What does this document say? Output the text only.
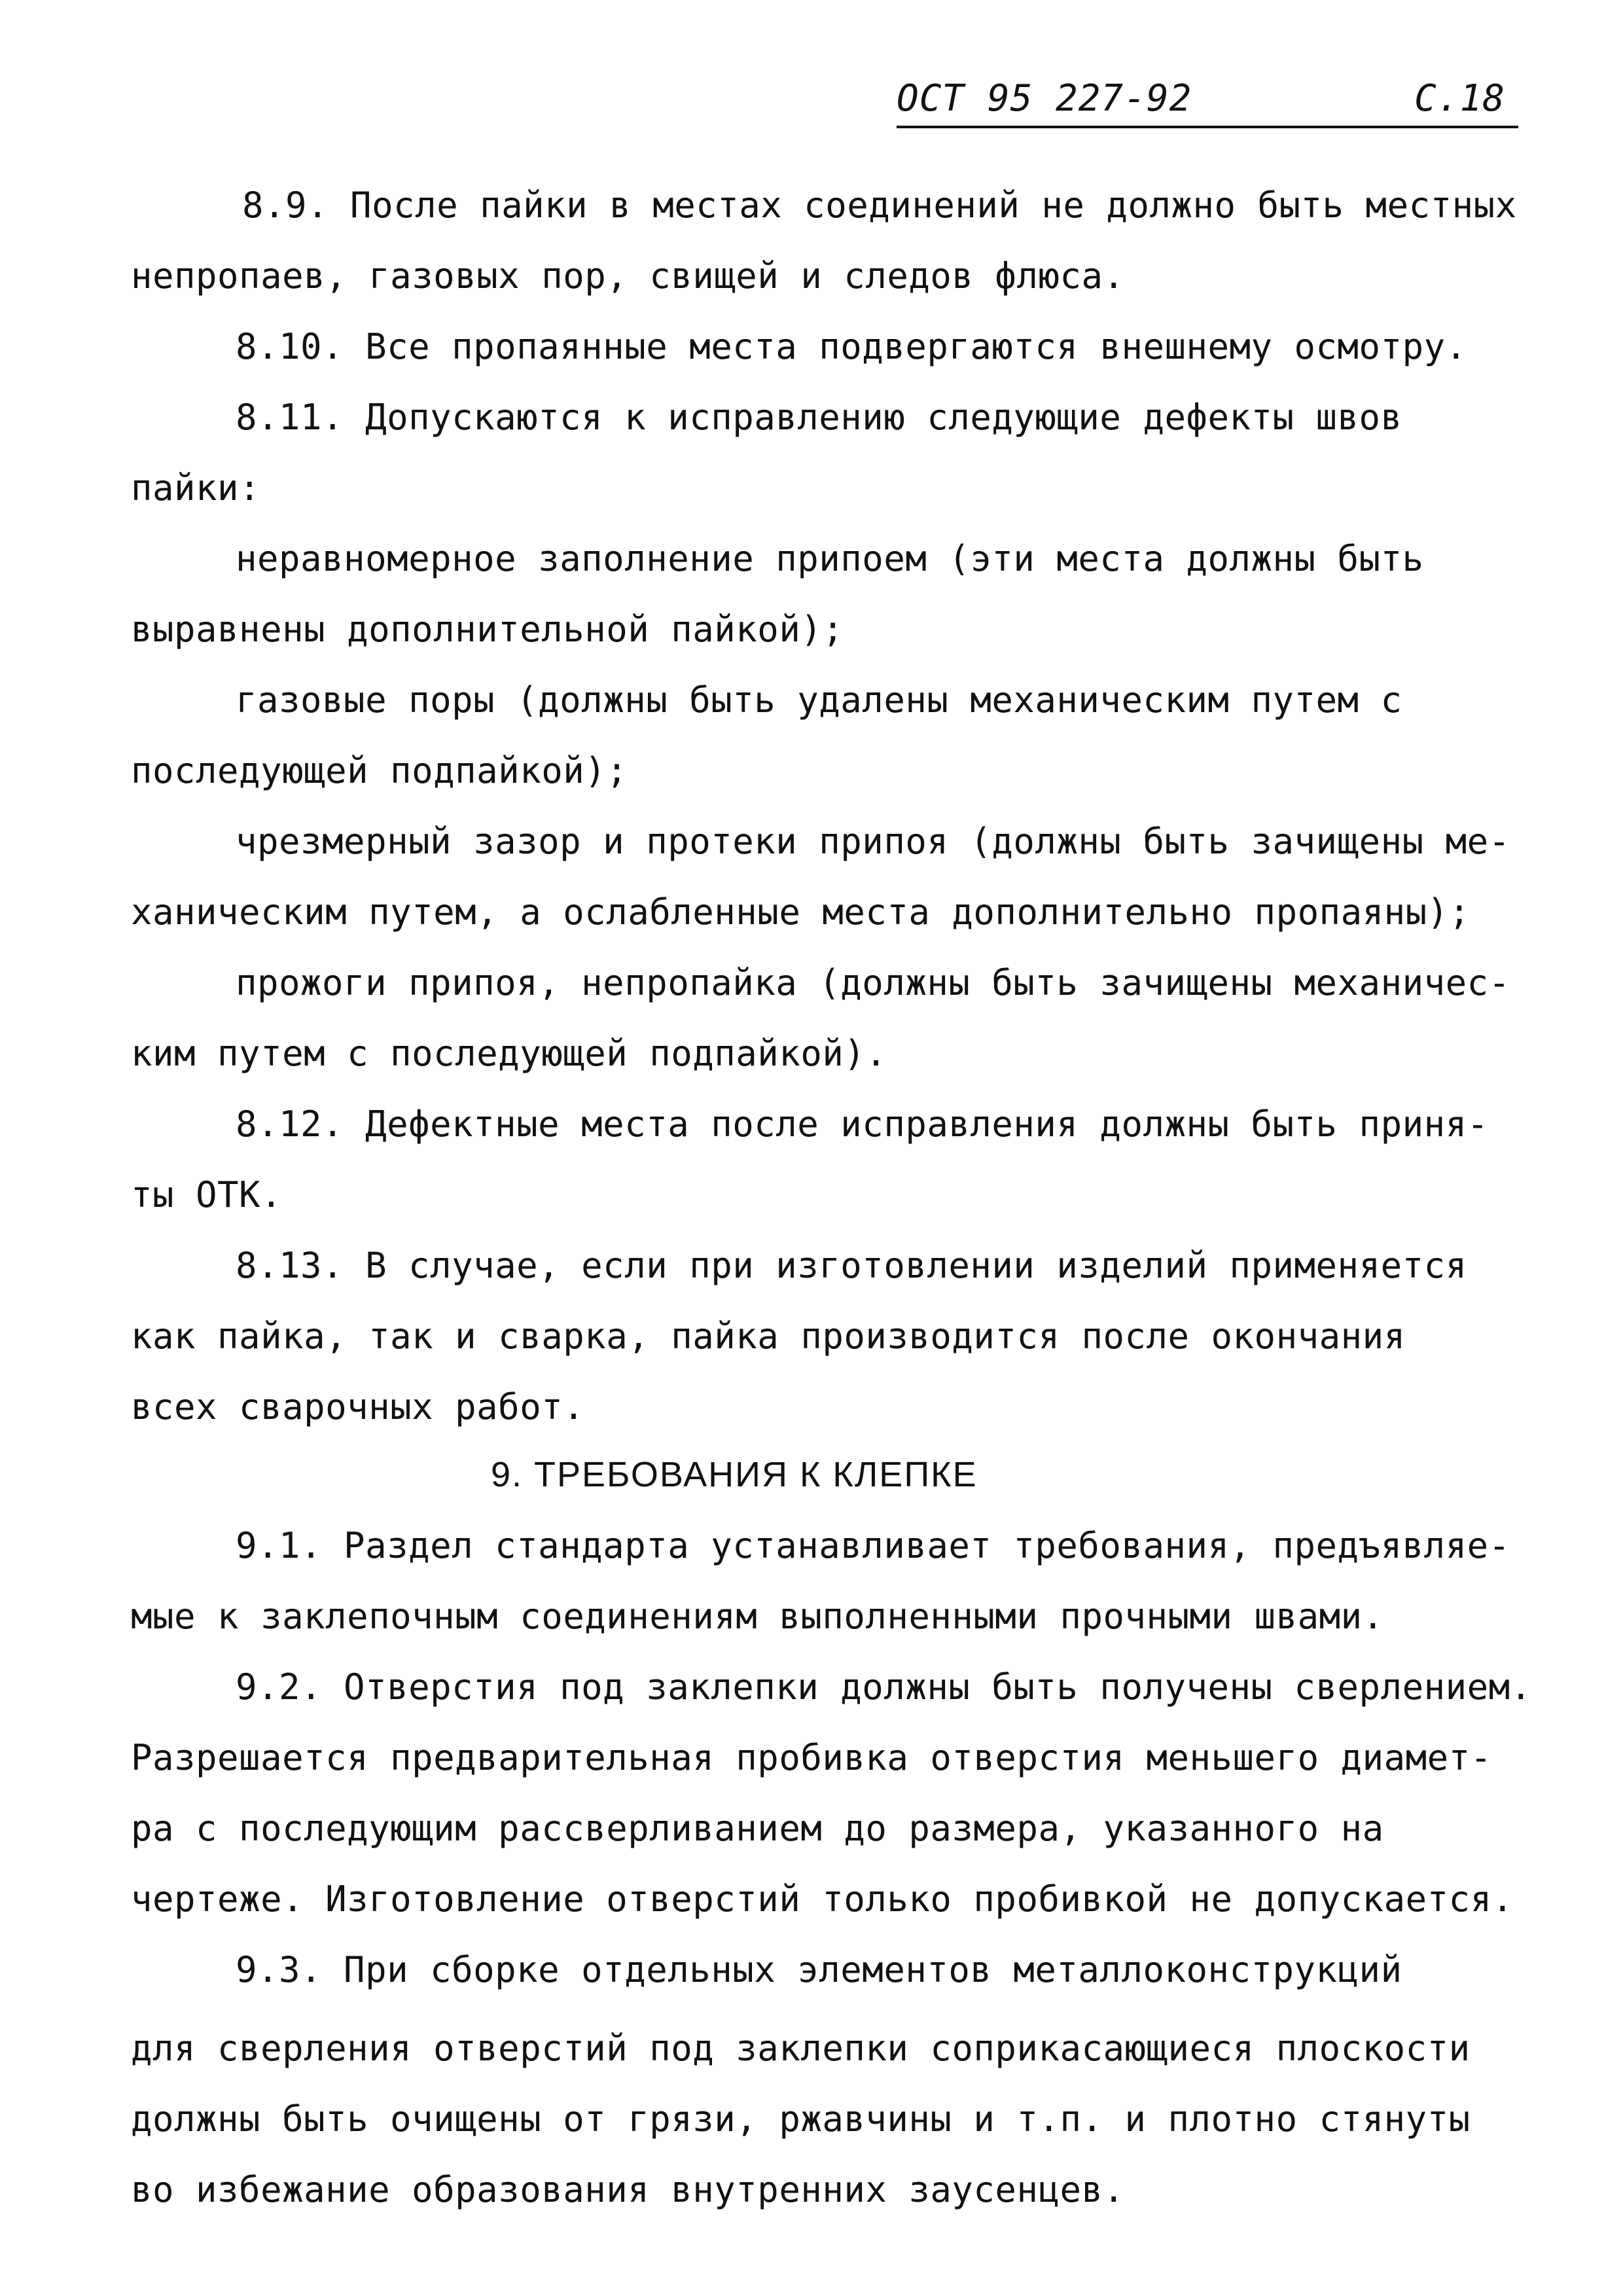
ОСТ 95 227-92	С.18
8.9. После пайки в местах соединений не должно быть местных
непропаев, газовых пор, свищей и следов флюса.
8.10. Все пропаянные места подвергаются внешнему осмотру.
8.11. Допускаются к исправлению следующие дефекты швов
пайки:
неравномерное заполнение припоем (эти места должны быть
выравнены дополнительной пайкой);
газовые поры (должны быть удалены механическим путем с
последующей подпайкой);
чрезмерный зазор и протеки припоя (должны быть зачищены ме-
ханическим путем, а ослабленные места дополнительно пропаяны);
прожоги припоя, непропайка (должны быть зачищены механичес-
ким путем с последующей подпайкой).
8.12. Дефектные места после исправления должны быть приня-
ты ОТК.
8.13. В случае, если при изготовлении изделий применяется
как пайка, так и сварка, пайка производится после окончания
всех сварочных работ.
9. ТРЕБОВАНИЯ К КЛЕПКЕ
9.1. Раздел стандарта устанавливает требования, предъявляе-
мые к заклепочным соединениям выполненными прочными швами.
9.2. Отверстия под заклепки должны быть получены сверлением.
Разрешается предварительная пробивка отверстия меньшего диамет-
ра с последующим рассверливанием до размера, указанного на
чертеже. Изготовление отверстий только пробивкой не допускается.
9.3. При сборке отдельных элементов металлоконструкций
для сверления отверстий под заклепки соприкасающиеся плоскости
должны быть очищены от грязи, ржавчины и т.п. и плотно стянуты
во избежание образования внутренних заусенцев.
